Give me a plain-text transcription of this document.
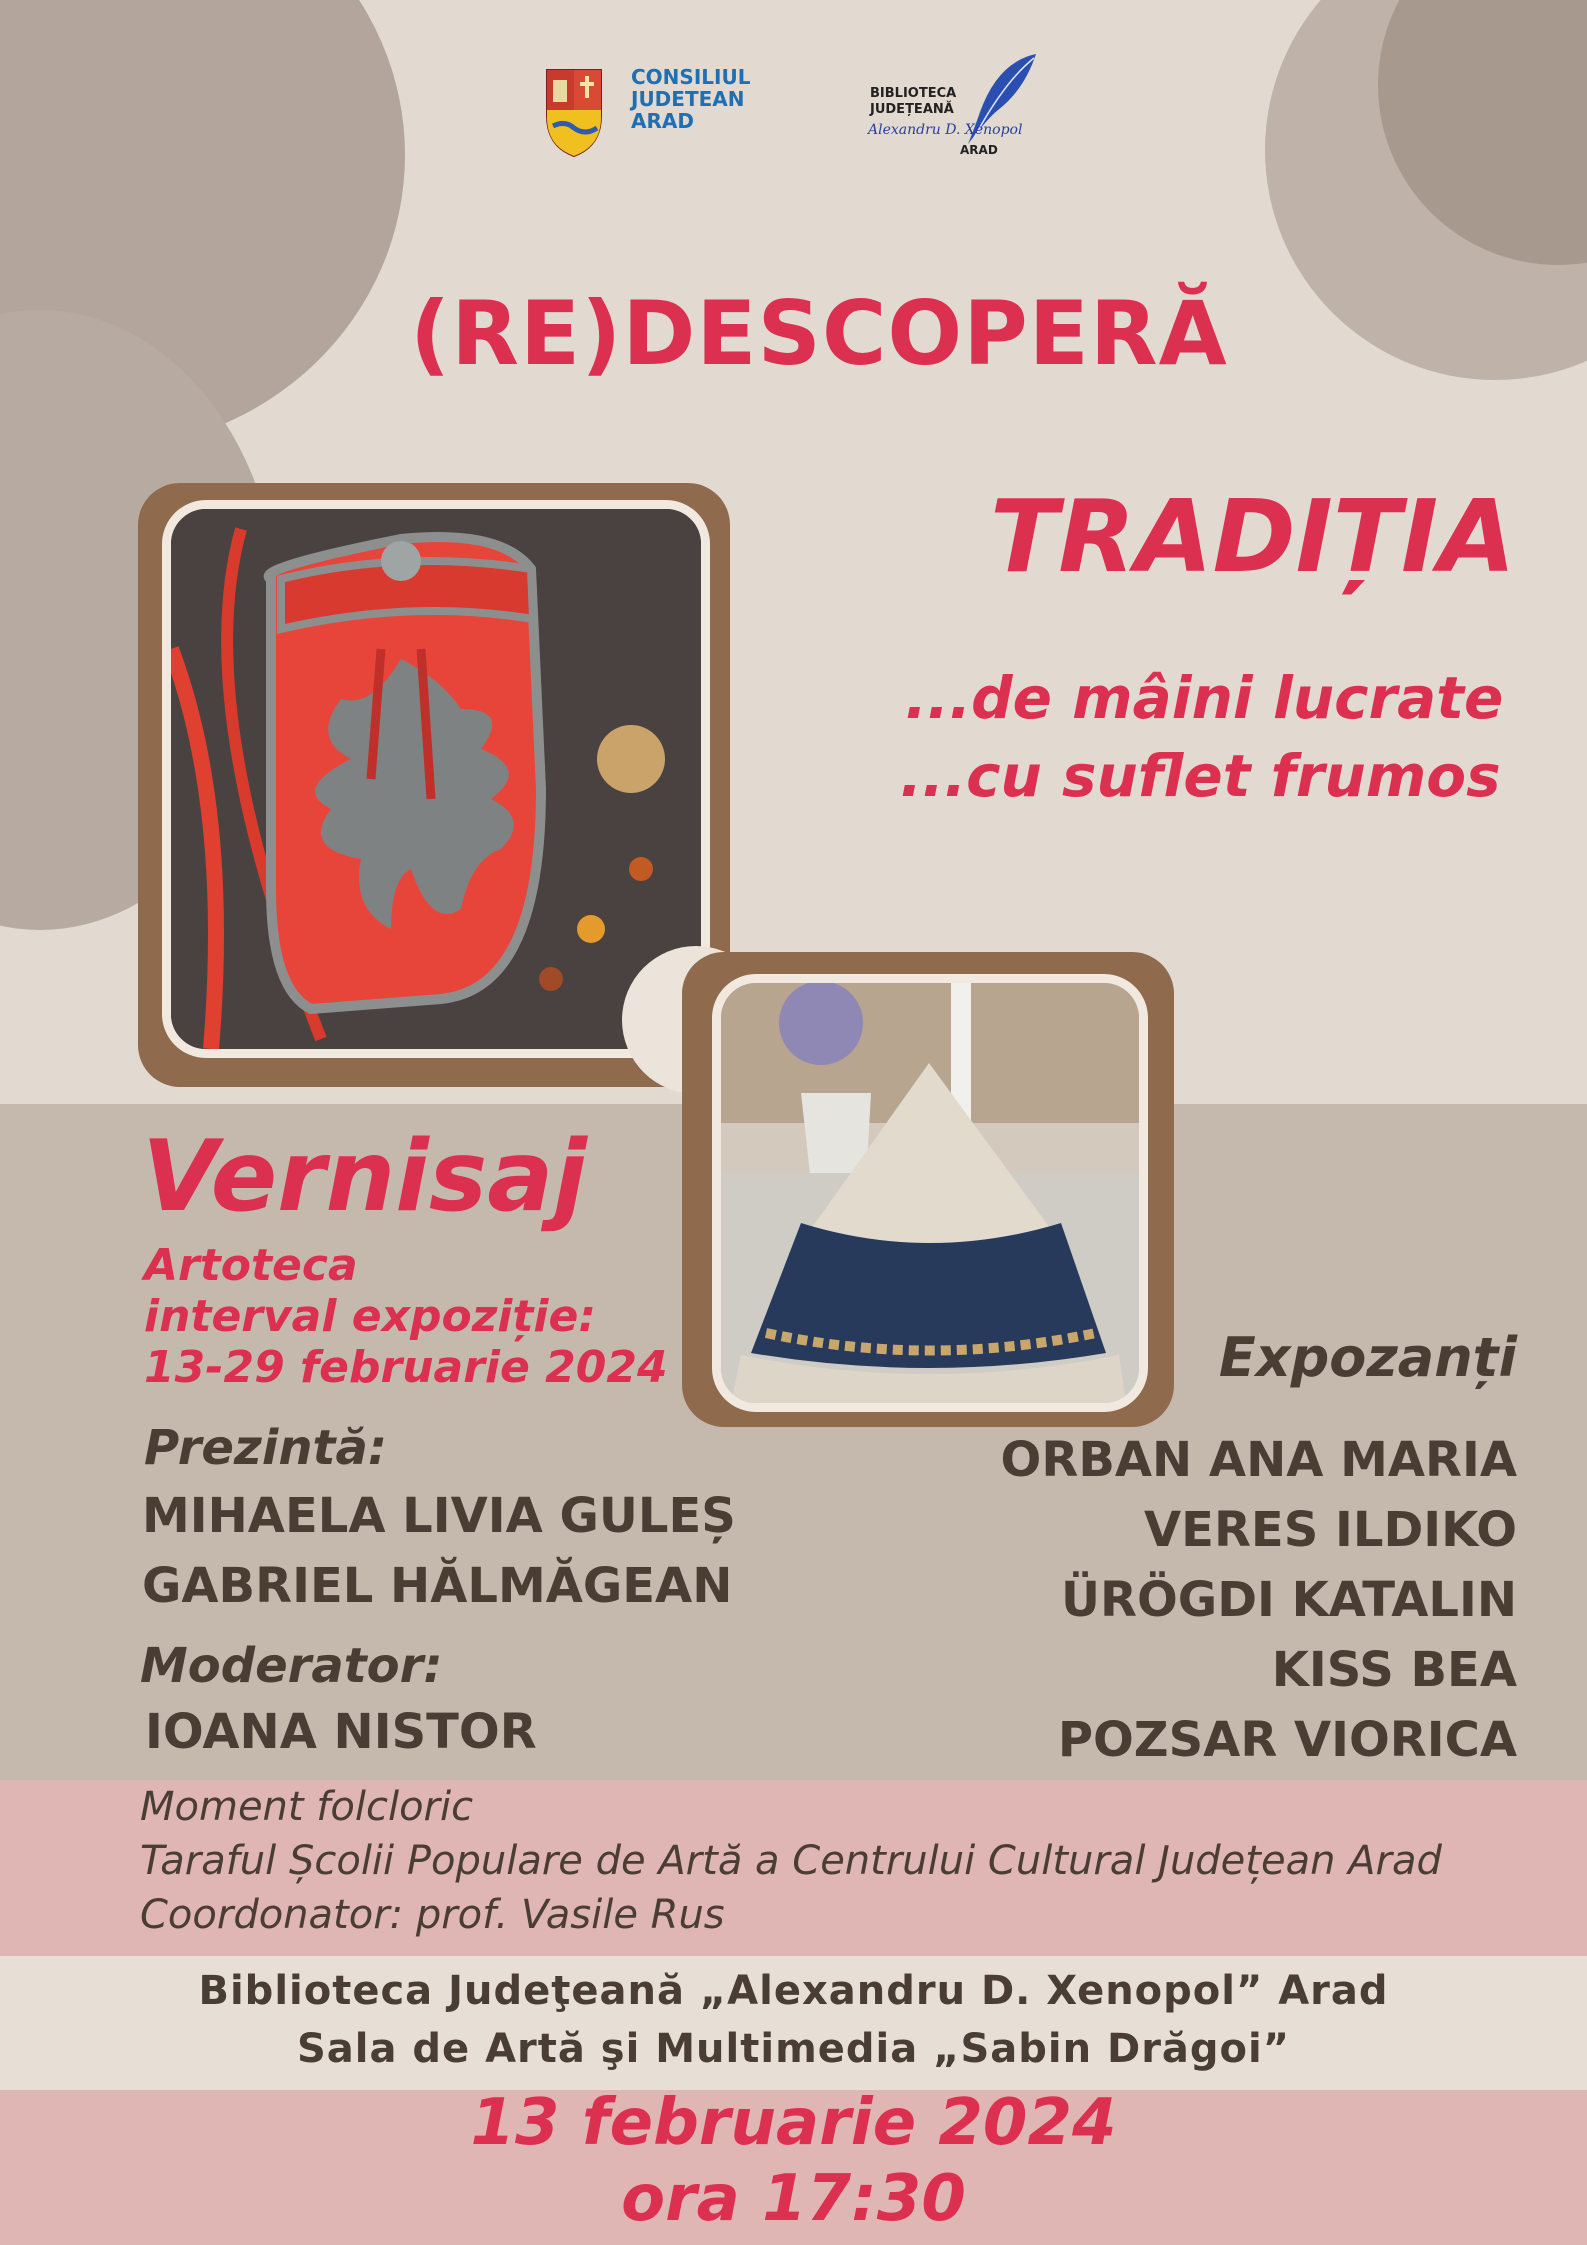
CONSILIUL
JUDETEAN
ARAD
BIBLIOTECA
JUDEȚEANĂ
Alexandru D. Xenopol
ARAD
(RE)DESCOPERĂ
TRADIȚIA
...de mâini lucrate
...cu suflet frumos
Vernisaj
Artoteca
interval expoziție:
13-29 februarie 2024
Prezintă:
MIHAELA LIVIA GULEȘ
GABRIEL HĂLMĂGEAN
Moderator:
IOANA NISTOR
Expozanți
ORBAN ANA MARIA
VERES ILDIKO
ÜRÖGDI KATALIN
KISS BEA
POZSAR VIORICA
Moment folcloric
Taraful Școlii Populare de Artă a Centrului Cultural Județean Arad
Coordonator: prof. Vasile Rus
Biblioteca Judeţeană „Alexandru D. Xenopol” Arad
Sala de Artă şi Multimedia „Sabin Drăgoi”
13 februarie 2024
ora 17:30
